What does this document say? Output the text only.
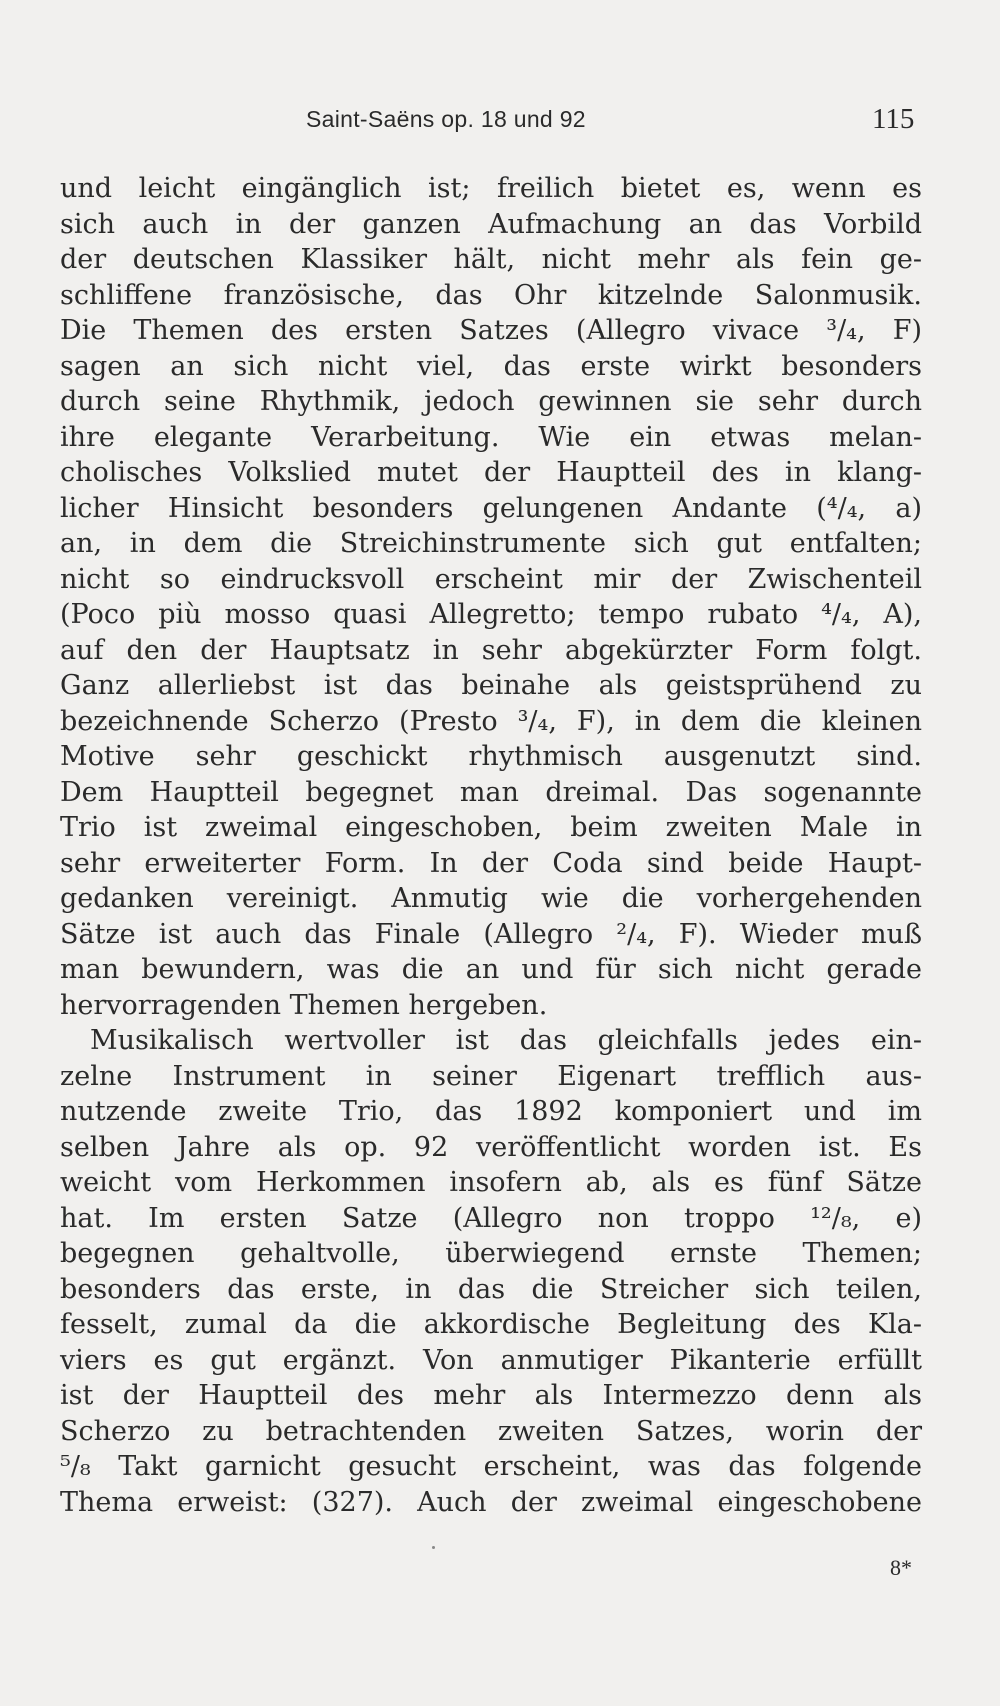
Saint-Saëns op. 18 und 92	115
und leicht eingänglich ist; freilich bietet es, wenn es
sich auch in der ganzen Aufmachung an das Vorbild
der deutschen Klassiker hält, nicht mehr als fein ge-
schliffene französische, das Ohr kitzelnde Salonmusik.
Die Themen des ersten Satzes (Allegro vivace ³/₄, F)
sagen an sich nicht viel, das erste wirkt besonders
durch seine Rhythmik, jedoch gewinnen sie sehr durch
ihre elegante Verarbeitung. Wie ein etwas melan-
cholisches Volkslied mutet der Hauptteil des in klang-
licher Hinsicht besonders gelungenen Andante (⁴/₄, a)
an, in dem die Streichinstrumente sich gut entfalten;
nicht so eindrucksvoll erscheint mir der Zwischenteil
(Poco più mosso quasi Allegretto; tempo rubato ⁴/₄, A),
auf den der Hauptsatz in sehr abgekürzter Form folgt.
Ganz allerliebst ist das beinahe als geistsprühend zu
bezeichnende Scherzo (Presto ³/₄, F), in dem die kleinen
Motive sehr geschickt rhythmisch ausgenutzt sind.
Dem Hauptteil begegnet man dreimal. Das sogenannte
Trio ist zweimal eingeschoben, beim zweiten Male in
sehr erweiterter Form. In der Coda sind beide Haupt-
gedanken vereinigt. Anmutig wie die vorhergehenden
Sätze ist auch das Finale (Allegro ²/₄, F). Wieder muß
man bewundern, was die an und für sich nicht gerade
hervorragenden Themen hergeben.
Musikalisch wertvoller ist das gleichfalls jedes ein-
zelne Instrument in seiner Eigenart trefflich aus-
nutzende zweite Trio, das 1892 komponiert und im
selben Jahre als op. 92 veröffentlicht worden ist. Es
weicht vom Herkommen insofern ab, als es fünf Sätze
hat. Im ersten Satze (Allegro non troppo ¹²/₈, e)
begegnen gehaltvolle, überwiegend ernste Themen;
besonders das erste, in das die Streicher sich teilen,
fesselt, zumal da die akkordische Begleitung des Kla-
viers es gut ergänzt. Von anmutiger Pikanterie erfüllt
ist der Hauptteil des mehr als Intermezzo denn als
Scherzo zu betrachtenden zweiten Satzes, worin der
⁵/₈ Takt garnicht gesucht erscheint, was das folgende
Thema erweist: (327). Auch der zweimal eingeschobene
8*
